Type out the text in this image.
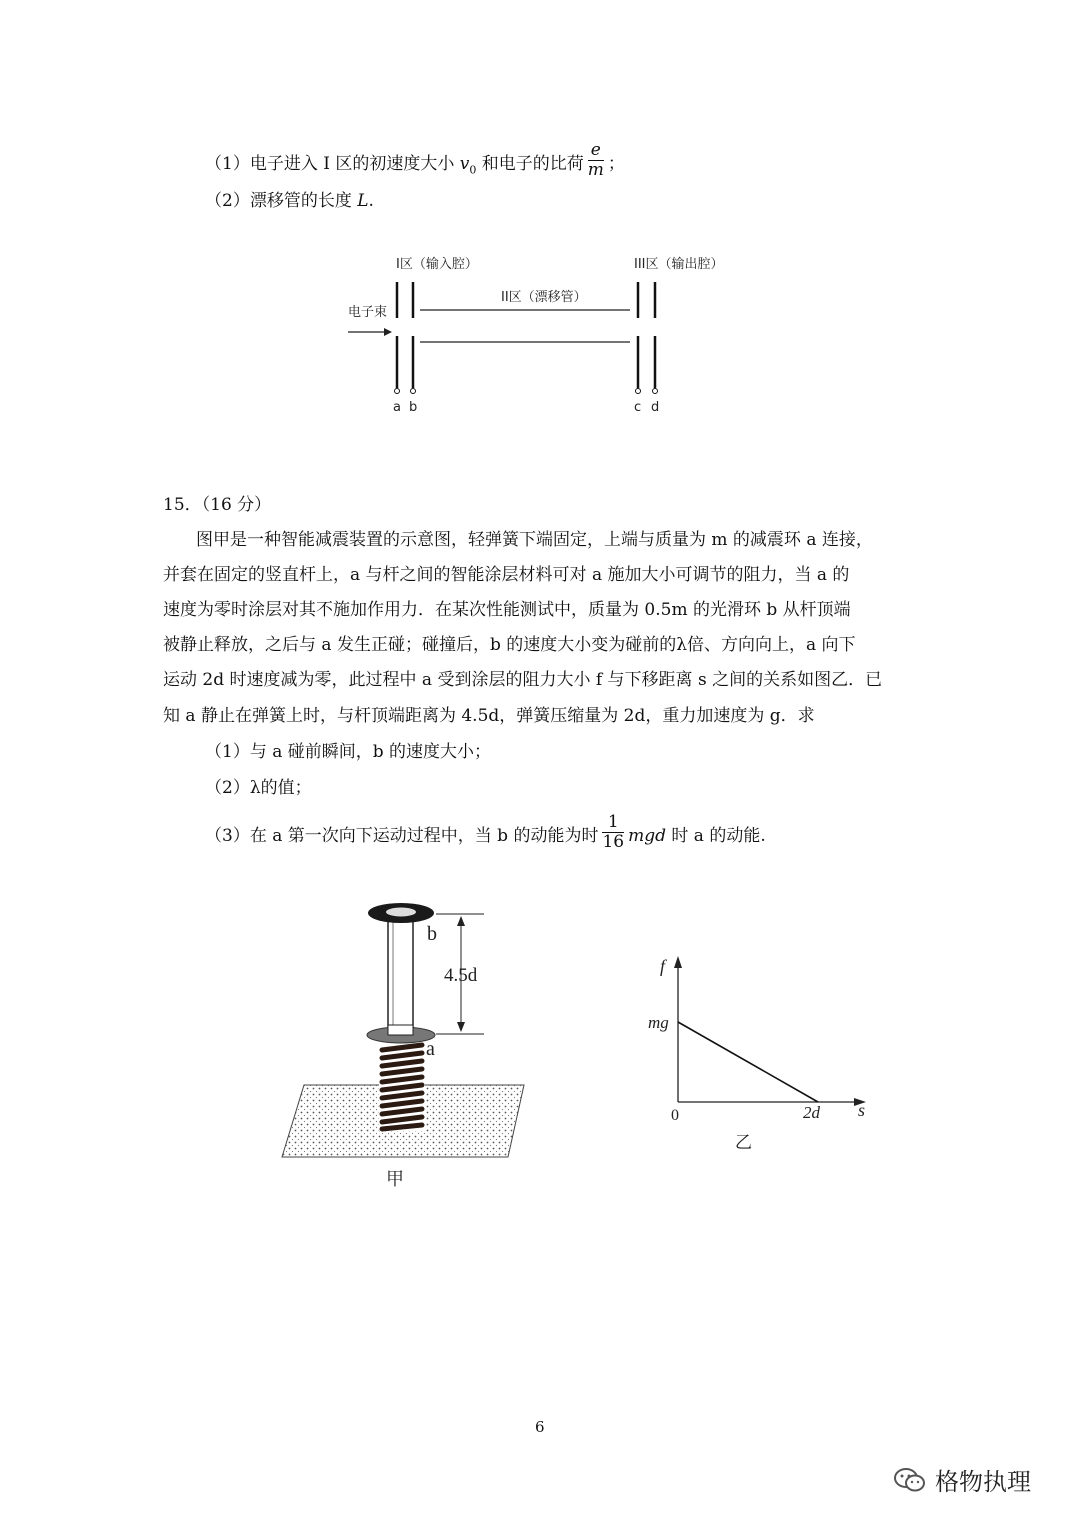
（1）电子进入 I 区的初速度大小 $v_0$ 和电子的比荷 $\frac{e}{m}$ ；
（2）漂移管的长度 L.
I区（输入腔）	III区（输出腔）
II区（漂移管）
电子束
a b	c d
15．（16 分）
图甲是一种智能减震装置的示意图，轻弹簧下端固定，上端与质量为 m 的减震环 a 连接，
并套在固定的竖直杆上，a 与杆之间的智能涂层材料可对 a 施加大小可调节的阻力，当 a 的
速度为零时涂层对其不施加作用力．在某次性能测试中，质量为 0.5m 的光滑环 b 从杆顶端
被静止释放，之后与 a 发生正碰；碰撞后，b 的速度大小变为碰前的λ倍、方向向上，a 向下
运动 2d 时速度减为零，此过程中 a 受到涂层的阻力大小 f 与下移距离 s 之间的关系如图乙．已
知 a 静止在弹簧上时，与杆顶端距离为 4.5d，弹簧压缩量为 2d，重力加速度为 g．求
（1）与 a 碰前瞬间，b 的速度大小；
（2）λ的值；
（3）在 a 第一次向下运动过程中，当 b 的动能为时 $\frac{1}{16}$ mgd 时 a 的动能.
b
a
4.5d
甲
f
s
mg
0	2d
乙
6
格物执理
